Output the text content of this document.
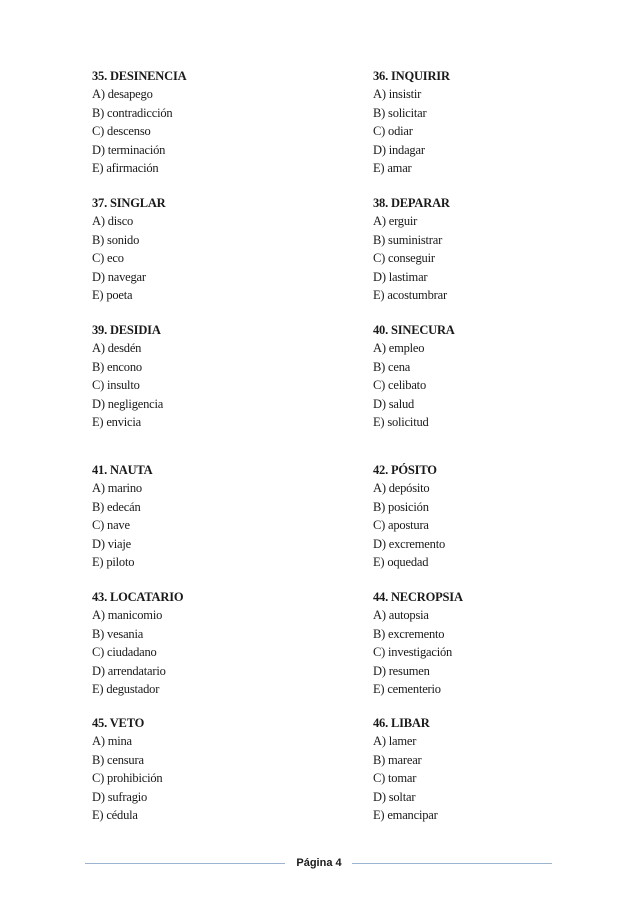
35. DESINENCIA
A) desapego
B) contradicción
C) descenso
D) terminación
E) afirmación
36. INQUIRIR
A) insistir
B) solicitar
C) odiar
D) indagar
E) amar
37. SINGLAR
A) disco
B) sonido
C) eco
D) navegar
E) poeta
38. DEPARAR
A) erguir
B) suministrar
C) conseguir
D) lastimar
E) acostumbrar
39. DESIDIA
A) desdén
B) encono
C) insulto
D) negligencia
E) envicia
40. SINECURA
A) empleo
B) cena
C) celibato
D) salud
E) solicitud
41. NAUTA
A) marino
B) edecán
C) nave
D) viaje
E) piloto
42. PÓSITO
A) depósito
B) posición
C) apostura
D) excremento
E) oquedad
43. LOCATARIO
A) manicomio
B) vesania
C) ciudadano
D) arrendatario
E) degustador
44. NECROPSIA
A) autopsia
B) excremento
C) investigación
D) resumen
E) cementerio
45. VETO
A) mina
B) censura
C) prohibición
D) sufragio
E) cédula
46. LIBAR
A) lamer
B) marear
C) tomar
D) soltar
E) emancipar
Página 4
